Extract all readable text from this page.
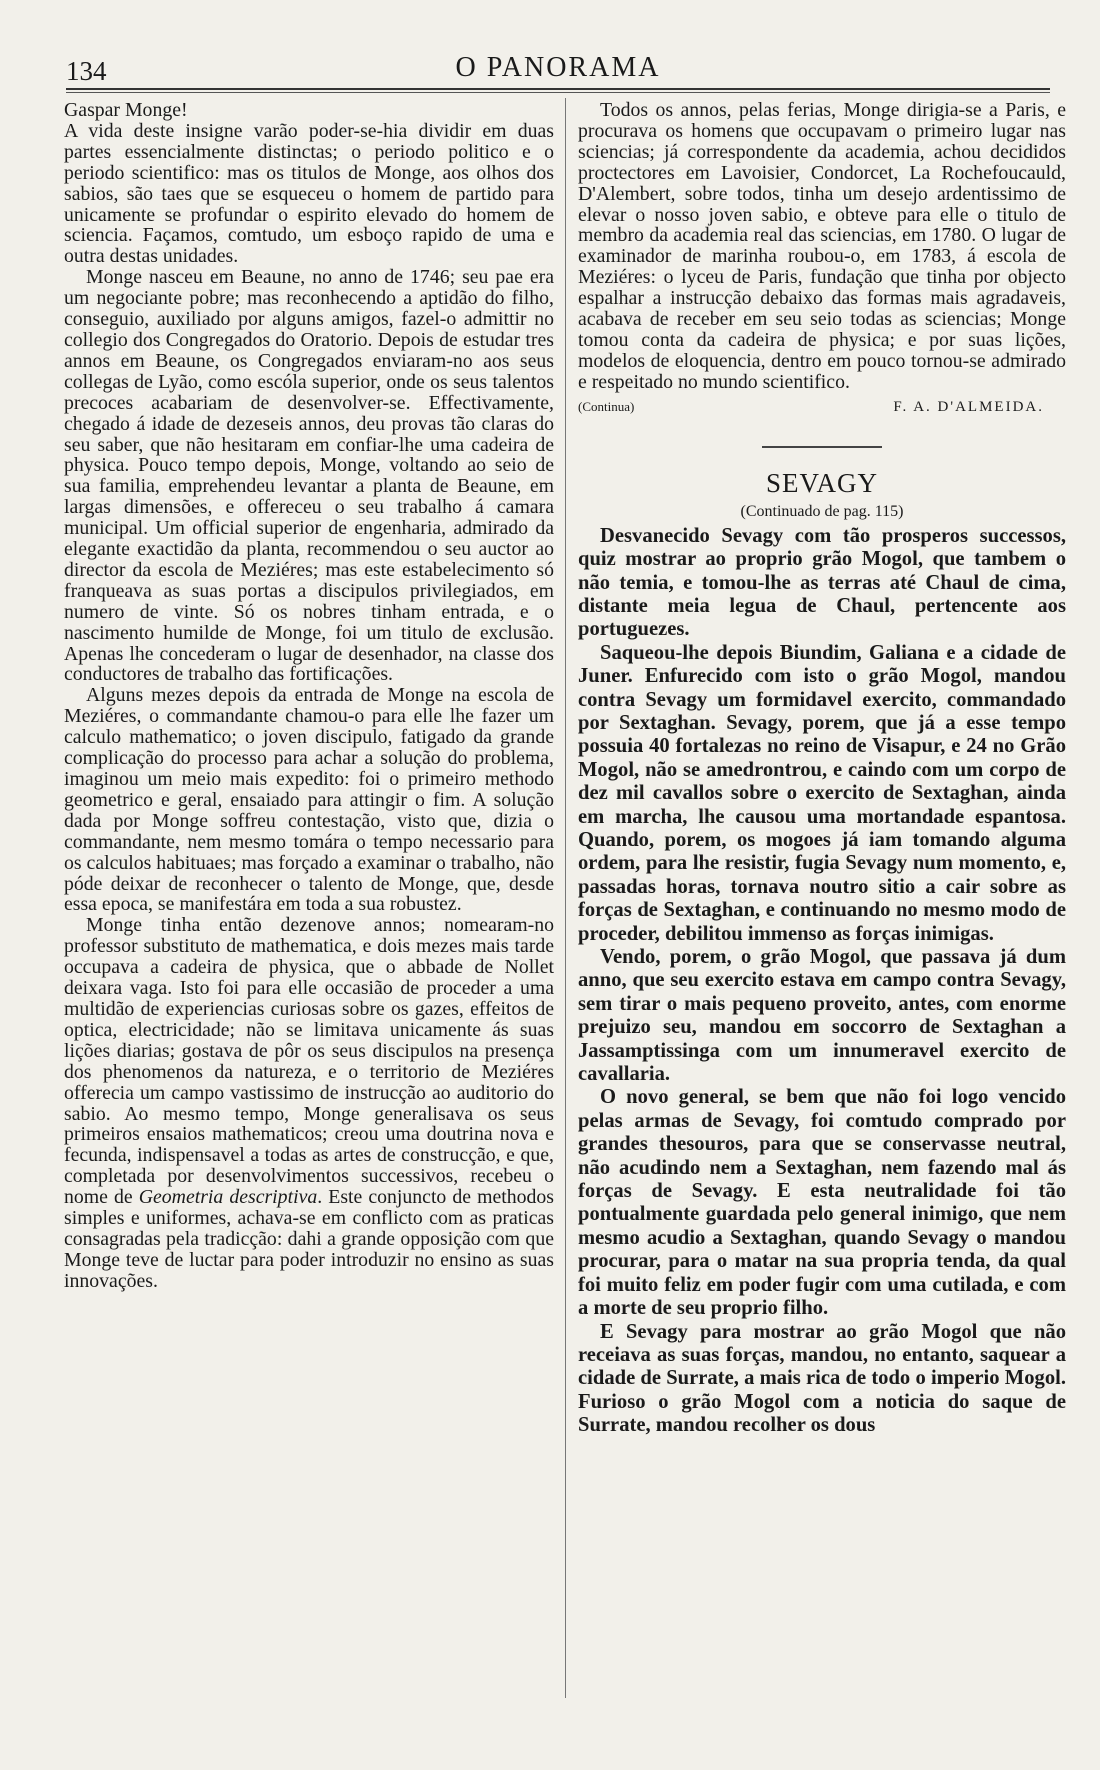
134	O PANORAMA

Gaspar Monge!

A vida deste insigne varão poder-se-hia dividir em duas partes essencialmente distinctas; o periodo politico e o periodo scientifico: mas os titulos de Monge, aos olhos dos sabios, são taes que se esqueceu o homem de partido para unicamente se profundar o espirito elevado do homem de sciencia. Façamos, comtudo, um esboço rapido de uma e outra destas unidades.

Monge nasceu em Beaune, no anno de 1746; seu pae era um negociante pobre; mas reconhecendo a aptidão do filho, conseguio, auxiliado por alguns amigos, fazel-o admittir no collegio dos Congregados do Oratorio. Depois de estudar tres annos em Beaune, os Congregados enviaram-no aos seus collegas de Lyão, como escóla superior, onde os seus talentos precoces acabariam de desenvolver-se. Effectivamente, chegado á idade de dezeseis annos, deu provas tão claras do seu saber, que não hesitaram em confiar-lhe uma cadeira de physica. Pouco tempo depois, Monge, voltando ao seio de sua familia, emprehendeu levantar a planta de Beaune, em largas dimensões, e offereceu o seu trabalho á camara municipal. Um official superior de engenharia, admirado da elegante exactidão da planta, recommendou o seu auctor ao director da escola de Meziéres; mas este estabelecimento só franqueava as suas portas a discipulos privilegiados, em numero de vinte. Só os nobres tinham entrada, e o nascimento humilde de Monge, foi um titulo de exclusão. Apenas lhe concederam o lugar de desenhador, na classe dos conductores de trabalho das fortificações.

Alguns mezes depois da entrada de Monge na escola de Meziéres, o commandante chamou-o para elle lhe fazer um calculo mathematico; o joven discipulo, fatigado da grande complicação do processo para achar a solução do problema, imaginou um meio mais expedito: foi o primeiro methodo geometrico e geral, ensaiado para attingir o fim. A solução dada por Monge soffreu contestação, visto que, dizia o commandante, nem mesmo tomára o tempo necessario para os calculos habituaes; mas forçado a examinar o trabalho, não póde deixar de reconhecer o talento de Monge, que, desde essa epoca, se manifestára em toda a sua robustez.

Monge tinha então dezenove annos; nomearam-no professor substituto de mathematica, e dois mezes mais tarde occupava a cadeira de physica, que o abbade de Nollet deixara vaga. Isto foi para elle occasião de proceder a uma multidão de experiencias curiosas sobre os gazes, effeitos de optica, electricidade; não se limitava unicamente ás suas lições diarias; gostava de pôr os seus discipulos na presença dos phenomenos da natureza, e o territorio de Meziéres offerecia um campo vastissimo de instrucção ao auditorio do sabio. Ao mesmo tempo, Monge generalisava os seus primeiros ensaios mathematicos; creou uma doutrina nova e fecunda, indispensavel a todas as artes de construcção, e que, completada por desenvolvimentos successivos, recebeu o nome de Geometria descriptiva. Este conjuncto de methodos simples e uniformes, achava-se em conflicto com as praticas consagradas pela tradicção: dahi a grande opposição com que Monge teve de luctar para poder introduzir no ensino as suas innovações.

Todos os annos, pelas ferias, Monge dirigia-se a Paris, e procurava os homens que occupavam o primeiro lugar nas sciencias; já correspondente da academia, achou decididos proctectores em Lavoisier, Condorcet, La Rochefoucauld, D'Alembert, sobre todos, tinha um desejo ardentissimo de elevar o nosso joven sabio, e obteve para elle o titulo de membro da academia real das sciencias, em 1780. O lugar de examinador de marinha roubou-o, em 1783, á escola de Meziéres: o lyceu de Paris, fundação que tinha por objecto espalhar a instrucção debaixo das formas mais agradaveis, acabava de receber em seu seio todas as sciencias; Monge tomou conta da cadeira de physica; e por suas lições, modelos de eloquencia, dentro em pouco tornou-se admirado e respeitado no mundo scientifico.

(Continua)	F. A. D'ALMEIDA.
SEVAGY
(Continuado de pag. 115)

Desvanecido Sevagy com tão prosperos successos, quiz mostrar ao proprio grão Mogol, que tambem o não temia, e tomou-lhe as terras até Chaul de cima, distante meia legua de Chaul, pertencente aos portuguezes.

Saqueou-lhe depois Biundim, Galiana e a cidade de Juner. Enfurecido com isto o grão Mogol, mandou contra Sevagy um formidavel exercito, commandado por Sextaghan. Sevagy, porem, que já a esse tempo possuia 40 fortalezas no reino de Visapur, e 24 no Grão Mogol, não se amedrontrou, e caindo com um corpo de dez mil cavallos sobre o exercito de Sextaghan, ainda em marcha, lhe causou uma mortandade espantosa. Quando, porem, os mogoes já iam tomando alguma ordem, para lhe resistir, fugia Sevagy num momento, e, passadas horas, tornava noutro sitio a cair sobre as forças de Sextaghan, e continuando no mesmo modo de proceder, debilitou immenso as forças inimigas.

Vendo, porem, o grão Mogol, que passava já dum anno, que seu exercito estava em campo contra Sevagy, sem tirar o mais pequeno proveito, antes, com enorme prejuizo seu, mandou em soccorro de Sextaghan a Jassamptissinga com um innumeravel exercito de cavallaria.

O novo general, se bem que não foi logo vencido pelas armas de Sevagy, foi comtudo comprado por grandes thesouros, para que se conservasse neutral, não acudindo nem a Sextaghan, nem fazendo mal ás forças de Sevagy. E esta neutralidade foi tão pontualmente guardada pelo general inimigo, que nem mesmo acudio a Sextaghan, quando Sevagy o mandou procurar, para o matar na sua propria tenda, da qual foi muito feliz em poder fugir com uma cutilada, e com a morte de seu proprio filho.

E Sevagy para mostrar ao grão Mogol que não receiava as suas forças, mandou, no entanto, saquear a cidade de Surrate, a mais rica de todo o imperio Mogol. Furioso o grão Mogol com a noticia do saque de Surrate, mandou recolher os dous
